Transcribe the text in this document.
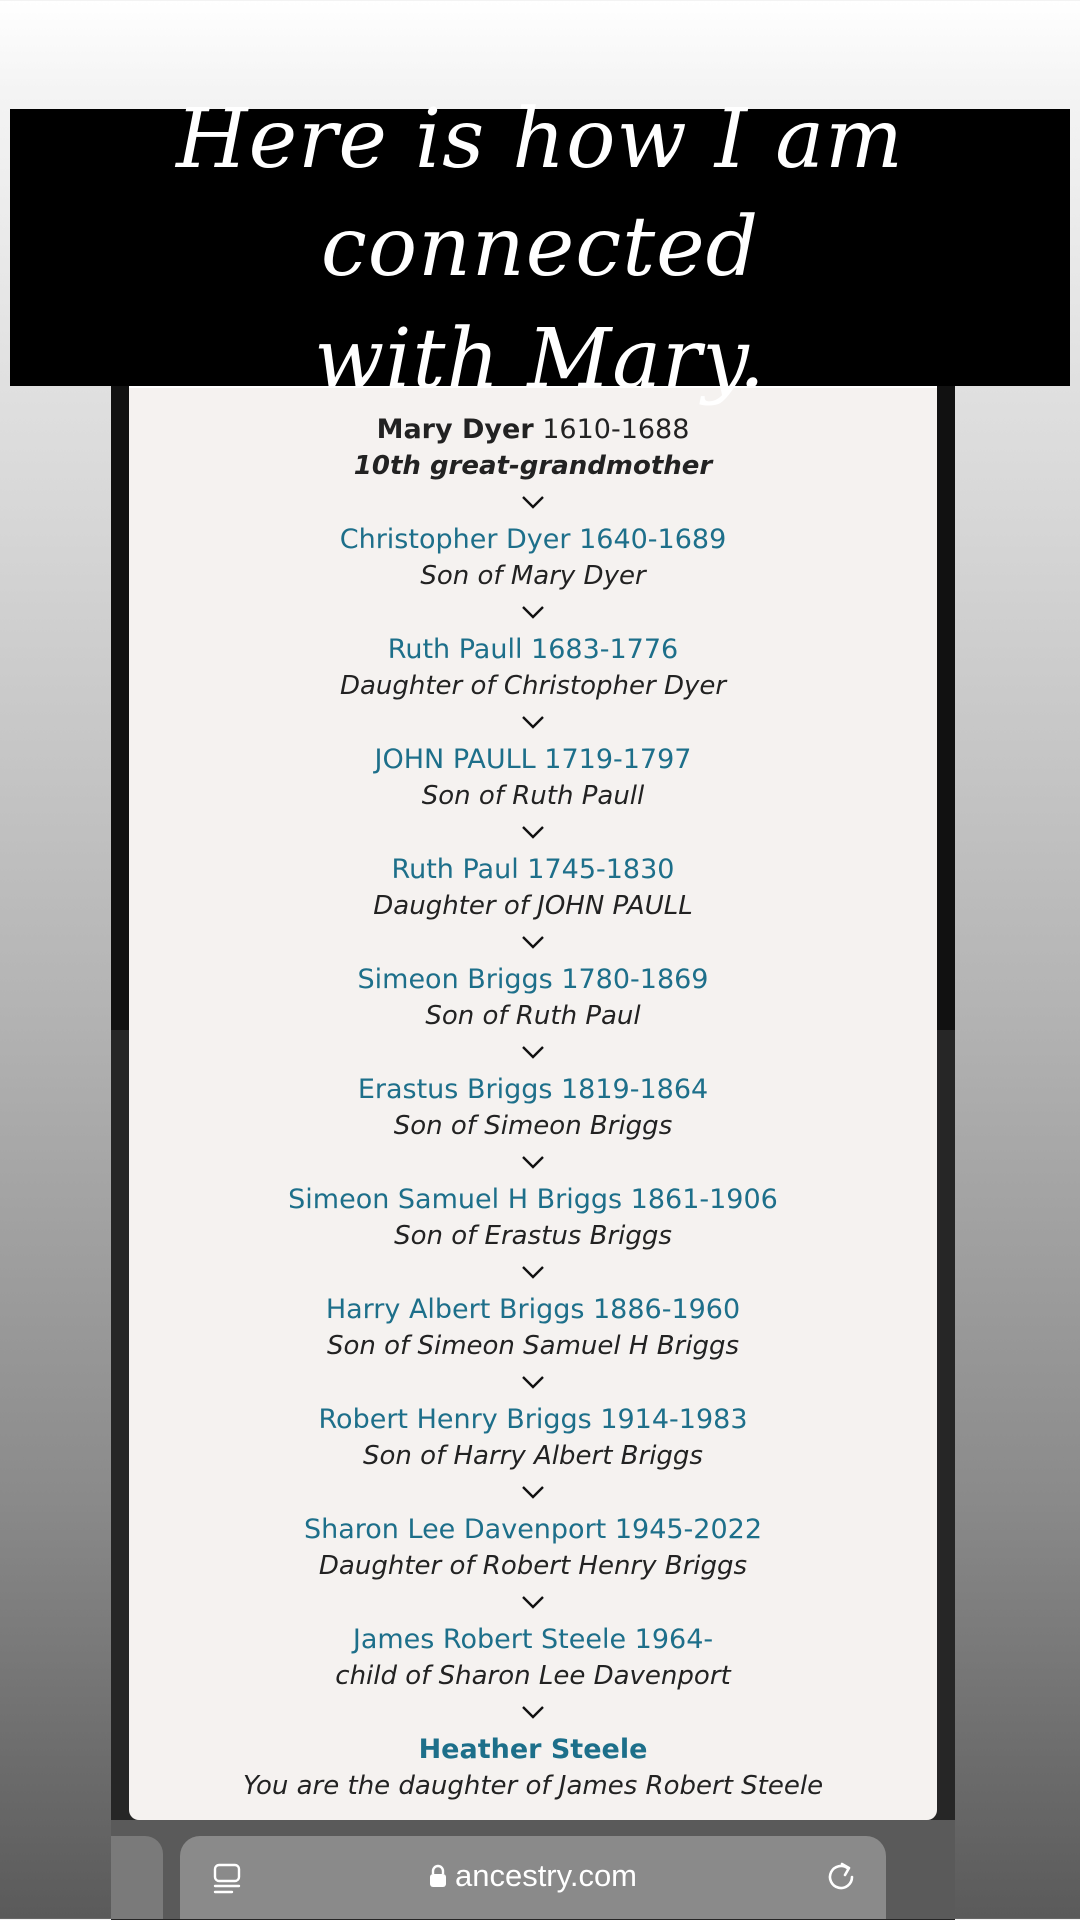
Here is how I am connected
with Mary.
Mary Dyer 1610-1688
10th great-grandmother
Christopher Dyer 1640-1689
Son of Mary Dyer
Ruth Paull 1683-1776
Daughter of Christopher Dyer
JOHN PAULL 1719-1797
Son of Ruth Paull
Ruth Paul 1745-1830
Daughter of JOHN PAULL
Simeon Briggs 1780-1869
Son of Ruth Paul
Erastus Briggs 1819-1864
Son of Simeon Briggs
Simeon Samuel H Briggs 1861-1906
Son of Erastus Briggs
Harry Albert Briggs 1886-1960
Son of Simeon Samuel H Briggs
Robert Henry Briggs 1914-1983
Son of Harry Albert Briggs
Sharon Lee Davenport 1945-2022
Daughter of Robert Henry Briggs
James Robert Steele 1964-
child of Sharon Lee Davenport
Heather Steele
You are the daughter of James Robert Steele
ancestry.com
